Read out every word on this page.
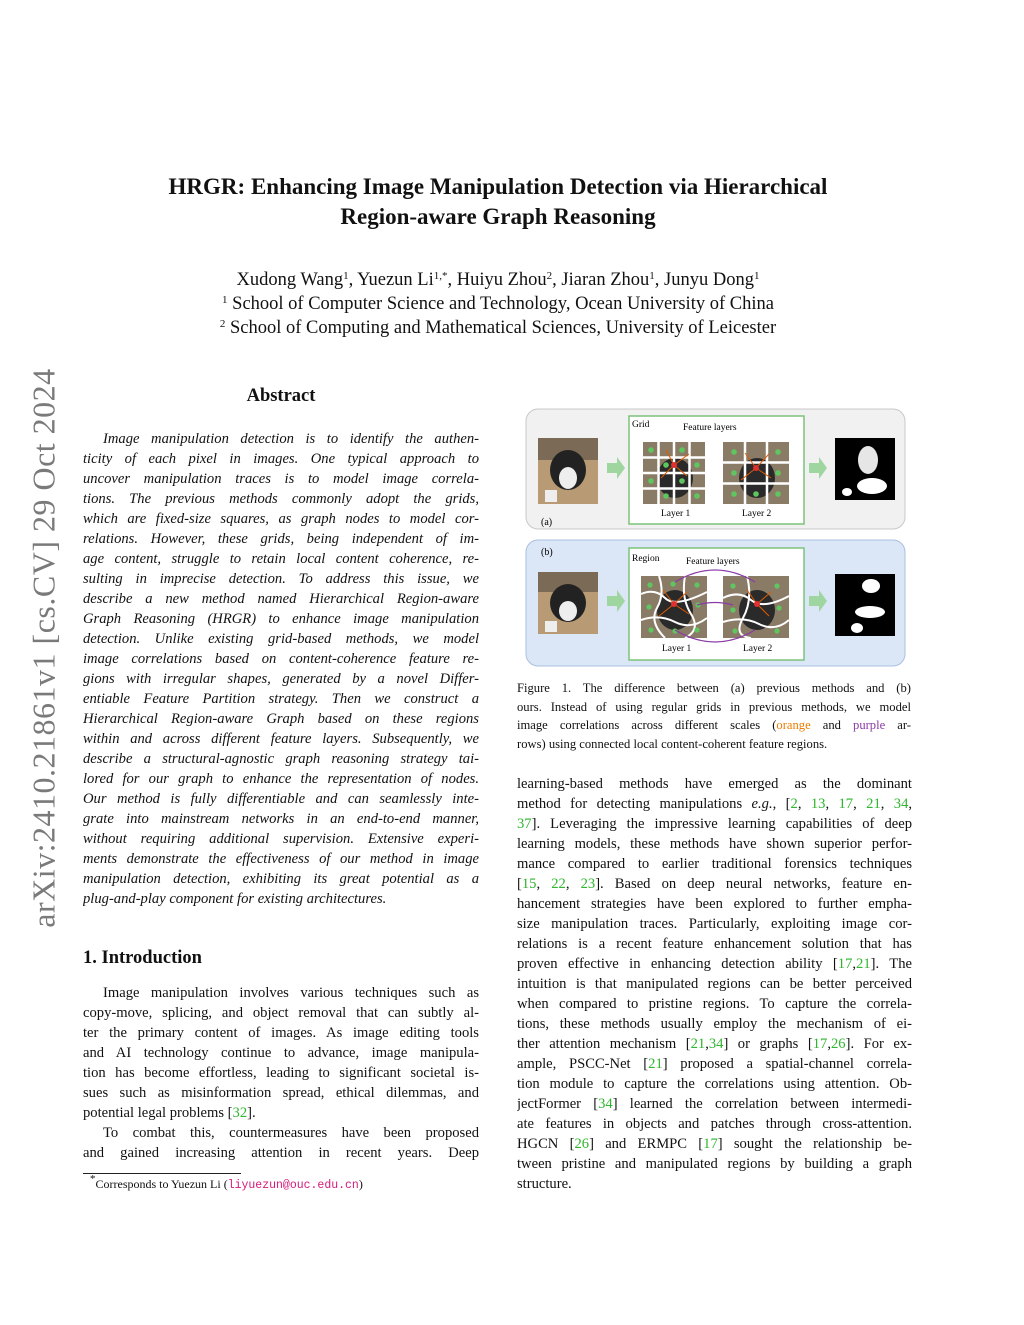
arXiv:2410.21861v1 [cs.CV] 29 Oct 2024
HRGR: Enhancing Image Manipulation Detection via Hierarchical
Region-aware Graph Reasoning
Xudong Wang$^1$, Yuezun $Li^{1,*}$, Huiyu Zhou$^2$, Jiaran Zhou$^1$, Junyu Dong$^1$
$^1$ School of Computer Science and Technology, Ocean University of China
$^2$ School of Computing and Mathematical Sciences, University of Leicester
Abstract
Image manipulation detection is to identify the authen-
ticity of each pixel in images. One typical approach to
uncover manipulation traces is to model image correla-
tions. The previous methods commonly adopt the grids,
which are fixed-size squares, as graph nodes to model cor-
relations. However, these grids, being independent of im-
age content, struggle to retain local content coherence, re-
sulting in imprecise detection. To address this issue, we
describe a new method named Hierarchical Region-aware
Graph Reasoning (HRGR) to enhance image manipulation
detection. Unlike existing grid-based methods, we model
image correlations based on content-coherence feature re-
gions with irregular shapes, generated by a novel Differ-
entiable Feature Partition strategy. Then we construct a
Hierarchical Region-aware Graph based on these regions
within and across different feature layers. Subsequently, we
describe a structural-agnostic graph reasoning strategy tai-
lored for our graph to enhance the representation of nodes.
Our method is fully differentiable and can seamlessly inte-
grate into mainstream networks in an end-to-end manner,
without requiring additional supervision. Extensive experi-
ments demonstrate the effectiveness of our method in image
manipulation detection, exhibiting its great potential as a
plug-and-play component for existing architectures.
1. Introduction
Image manipulation involves various techniques such as
copy-move, splicing, and object removal that can subtly al-
ter the primary content of images. As image editing tools
and AI technology continue to advance, image manipula-
tion has become effortless, leading to significant societal is-
sues such as misinformation spread, ethical dilemmas, and
potential legal problems [32].
To combat this, countermeasures have been proposed
and gained increasing attention in recent years. Deep
*Corresponds to Yuezun Li (liyuezun@ouc.edu.cn)
(a)
Grid	Feature layers
Layer 1	Layer 2
(b)
Region	Feature layers
Layer 1	Layer 2
Figure 1. The difference between (a) previous methods and (b)
ours. Instead of using regular grids in previous methods, we model
image correlations across different scales (orange and purple ar-
rows) using connected local content-coherent feature regions.
learning-based methods have emerged as the dominant
method for detecting manipulations e.g., [2, 13, 17, 21, 34,
37]. Leveraging the impressive learning capabilities of deep
learning models, these methods have shown superior perfor-
mance compared to earlier traditional forensics techniques
[15, 22, 23]. Based on deep neural networks, feature en-
hancement strategies have been explored to further empha-
size manipulation traces. Particularly, exploiting image cor-
relations is a recent feature enhancement solution that has
proven effective in enhancing detection ability [17,21]. The
intuition is that manipulated regions can be better perceived
when compared to pristine regions. To capture the correla-
tions, these methods usually employ the mechanism of ei-
ther attention mechanism [21,34] or graphs [17,26]. For ex-
ample, PSCC-Net [21] proposed a spatial-channel correla-
tion module to capture the correlations using attention. Ob-
jectFormer [34] learned the correlation between intermedi-
ate features in objects and patches through cross-attention.
HGCN [26] and ERMPC [17] sought the relationship be-
tween pristine and manipulated regions by building a graph
structure.
